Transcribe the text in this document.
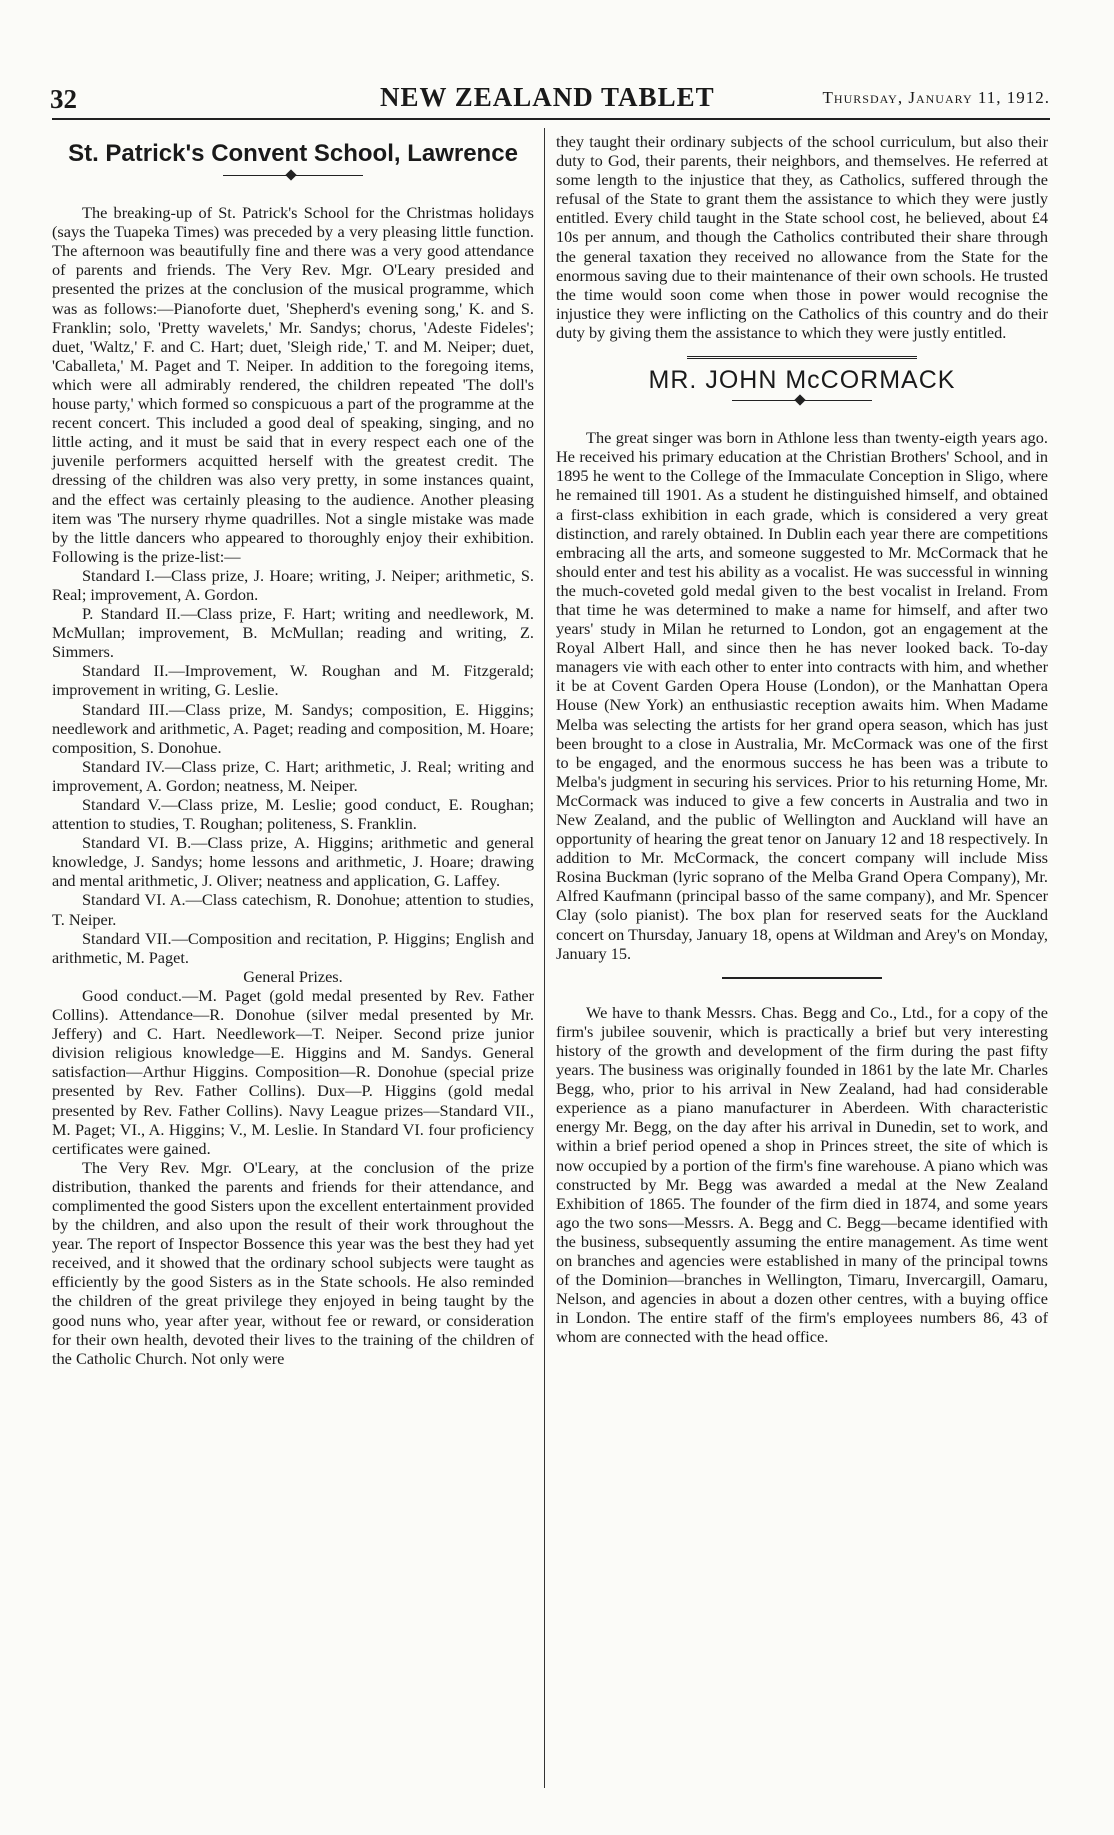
32	NEW ZEALAND TABLET	Thursday, January 11, 1912.
St. Patrick's Convent School, Lawrence

The breaking-up of St. Patrick's School for the Christmas holidays (says the Tuapeka Times) was preceded by a very pleasing little function. The afternoon was beautifully fine and there was a very good attendance of parents and friends. The Very Rev. Mgr. O'Leary presided and presented the prizes at the conclusion of the musical programme, which was as follows:—Pianoforte duet, 'Shepherd's evening song,' K. and S. Franklin; solo, 'Pretty wavelets,' Mr. Sandys; chorus, 'Adeste Fideles'; duet, 'Waltz,' F. and C. Hart; duet, 'Sleigh ride,' T. and M. Neiper; duet, 'Caballeta,' M. Paget and T. Neiper. In addition to the foregoing items, which were all admirably rendered, the children repeated 'The doll's house party,' which formed so conspicuous a part of the programme at the recent concert. This included a good deal of speaking, singing, and no little acting, and it must be said that in every respect each one of the juvenile performers acquitted herself with the greatest credit. The dressing of the children was also very pretty, in some instances quaint, and the effect was certainly pleasing to the audience. Another pleasing item was 'The nursery rhyme quadrilles. Not a single mistake was made by the little dancers who appeared to thoroughly enjoy their exhibition. Following is the prize-list:—

Standard I.—Class prize, J. Hoare; writing, J. Neiper; arithmetic, S. Real; improvement, A. Gordon.

P. Standard II.—Class prize, F. Hart; writing and needlework, M. McMullan; improvement, B. McMullan; reading and writing, Z. Simmers.

Standard II.—Improvement, W. Roughan and M. Fitzgerald; improvement in writing, G. Leslie.

Standard III.—Class prize, M. Sandys; composition, E. Higgins; needlework and arithmetic, A. Paget; reading and composition, M. Hoare; composition, S. Donohue.

Standard IV.—Class prize, C. Hart; arithmetic, J. Real; writing and improvement, A. Gordon; neatness, M. Neiper.

Standard V.—Class prize, M. Leslie; good conduct, E. Roughan; attention to studies, T. Roughan; politeness, S. Franklin.

Standard VI. B.—Class prize, A. Higgins; arithmetic and general knowledge, J. Sandys; home lessons and arithmetic, J. Hoare; drawing and mental arithmetic, J. Oliver; neatness and application, G. Laffey.

Standard VI. A.—Class catechism, R. Donohue; attention to studies, T. Neiper.

Standard VII.—Composition and recitation, P. Higgins; English and arithmetic, M. Paget.

General Prizes.

Good conduct.—M. Paget (gold medal presented by Rev. Father Collins). Attendance—R. Donohue (silver medal presented by Mr. Jeffery) and C. Hart. Needlework—T. Neiper. Second prize junior division religious knowledge—E. Higgins and M. Sandys. General satisfaction—Arthur Higgins. Composition—R. Donohue (special prize presented by Rev. Father Collins). Dux—P. Higgins (gold medal presented by Rev. Father Collins). Navy League prizes—Standard VII., M. Paget; VI., A. Higgins; V., M. Leslie. In Standard VI. four proficiency certificates were gained.

The Very Rev. Mgr. O'Leary, at the conclusion of the prize distribution, thanked the parents and friends for their attendance, and complimented the good Sisters upon the excellent entertainment provided by the children, and also upon the result of their work throughout the year. The report of Inspector Bossence this year was the best they had yet received, and it showed that the ordinary school subjects were taught as efficiently by the good Sisters as in the State schools. He also reminded the children of the great privilege they enjoyed in being taught by the good nuns who, year after year, without fee or reward, or consideration for their own health, devoted their lives to the training of the children of the Catholic Church. Not only were

they taught their ordinary subjects of the school curriculum, but also their duty to God, their parents, their neighbors, and themselves. He referred at some length to the injustice that they, as Catholics, suffered through the refusal of the State to grant them the assistance to which they were justly entitled. Every child taught in the State school cost, he believed, about £4 10s per annum, and though the Catholics contributed their share through the general taxation they received no allowance from the State for the enormous saving due to their maintenance of their own schools. He trusted the time would soon come when those in power would recognise the injustice they were inflicting on the Catholics of this country and do their duty by giving them the assistance to which they were justly entitled.

MR. JOHN McCORMACK

The great singer was born in Athlone less than twenty-eigth years ago. He received his primary education at the Christian Brothers' School, and in 1895 he went to the College of the Immaculate Conception in Sligo, where he remained till 1901. As a student he distinguished himself, and obtained a first-class exhibition in each grade, which is considered a very great distinction, and rarely obtained. In Dublin each year there are competitions embracing all the arts, and someone suggested to Mr. McCormack that he should enter and test his ability as a vocalist. He was successful in winning the much-coveted gold medal given to the best vocalist in Ireland. From that time he was determined to make a name for himself, and after two years' study in Milan he returned to London, got an engagement at the Royal Albert Hall, and since then he has never looked back. To-day managers vie with each other to enter into contracts with him, and whether it be at Covent Garden Opera House (London), or the Manhattan Opera House (New York) an enthusiastic reception awaits him. When Madame Melba was selecting the artists for her grand opera season, which has just been brought to a close in Australia, Mr. McCormack was one of the first to be engaged, and the enormous success he has been was a tribute to Melba's judgment in securing his services. Prior to his returning Home, Mr. McCormack was induced to give a few concerts in Australia and two in New Zealand, and the public of Wellington and Auckland will have an opportunity of hearing the great tenor on January 12 and 18 respectively. In addition to Mr. McCormack, the concert company will include Miss Rosina Buckman (lyric soprano of the Melba Grand Opera Company), Mr. Alfred Kaufmann (principal basso of the same company), and Mr. Spencer Clay (solo pianist). The box plan for reserved seats for the Auckland concert on Thursday, January 18, opens at Wildman and Arey's on Monday, January 15.

We have to thank Messrs. Chas. Begg and Co., Ltd., for a copy of the firm's jubilee souvenir, which is practically a brief but very interesting history of the growth and development of the firm during the past fifty years. The business was originally founded in 1861 by the late Mr. Charles Begg, who, prior to his arrival in New Zealand, had had considerable experience as a piano manufacturer in Aberdeen. With characteristic energy Mr. Begg, on the day after his arrival in Dunedin, set to work, and within a brief period opened a shop in Princes street, the site of which is now occupied by a portion of the firm's fine warehouse. A piano which was constructed by Mr. Begg was awarded a medal at the New Zealand Exhibition of 1865. The founder of the firm died in 1874, and some years ago the two sons—Messrs. A. Begg and C. Begg—became identified with the business, subsequently assuming the entire management. As time went on branches and agencies were established in many of the principal towns of the Dominion—branches in Wellington, Timaru, Invercargill, Oamaru, Nelson, and agencies in about a dozen other centres, with a buying office in London. The entire staff of the firm's employees numbers 86, 43 of whom are connected with the head office.
